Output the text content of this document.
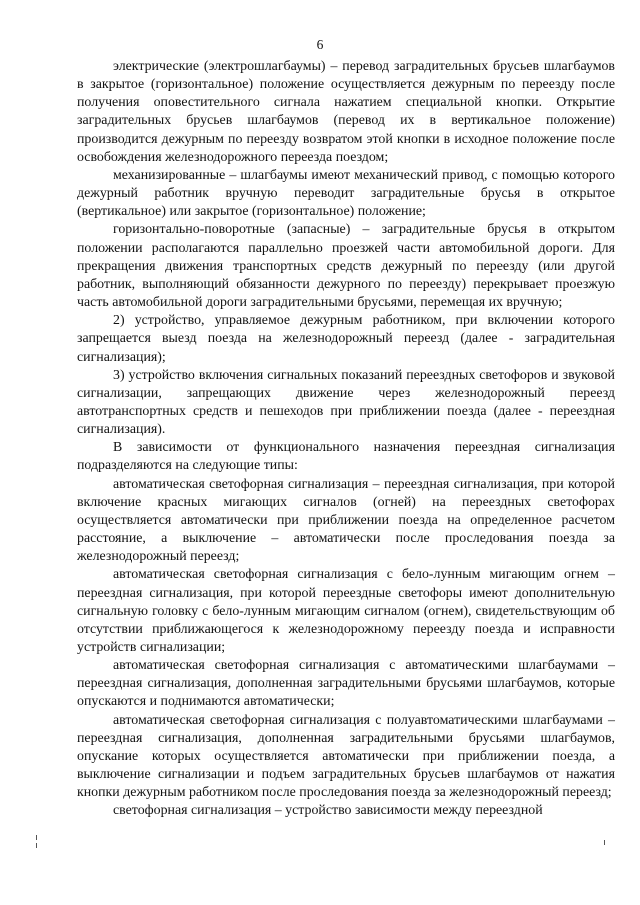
6

электрические (электрошлагбаумы) – перевод заградительных брусьев шлагбаумов в закрытое (горизонтальное) положение осуществляется дежурным по переезду после получения оповестительного сигнала нажатием специальной кнопки. Открытие заградительных брусьев шлагбаумов (перевод их в вертикальное положение) производится дежурным по переезду возвратом этой кнопки в исходное положение после освобождения железнодорожного переезда поездом;

механизированные – шлагбаумы имеют механический привод, с помощью которого дежурный работник вручную переводит заградительные брусья в открытое (вертикальное) или закрытое (горизонтальное) положение;

горизонтально-поворотные (запасные) – заградительные брусья в открытом положении располагаются параллельно проезжей части автомобильной дороги. Для прекращения движения транспортных средств дежурный по переезду (или другой работник, выполняющий обязанности дежурного по переезду) перекрывает проезжую часть автомобильной дороги заградительными брусьями, перемещая их вручную;

2) устройство, управляемое дежурным работником, при включении которого запрещается выезд поезда на железнодорожный переезд (далее - заградительная сигнализация);

3) устройство включения сигнальных показаний переездных светофоров и звуковой сигнализации, запрещающих движение через железнодорожный переезд автотранспортных средств и пешеходов при приближении поезда (далее - переездная сигнализация).

В зависимости от функционального назначения переездная сигнализация подразделяются на следующие типы:

автоматическая светофорная сигнализация – переездная сигнализация, при которой включение красных мигающих сигналов (огней) на переездных светофорах осуществляется автоматически при приближении поезда на определенное расчетом расстояние, а выключение – автоматически после проследования поезда за железнодорожный переезд;

автоматическая светофорная сигнализация с бело-лунным мигающим огнем – переездная сигнализация, при которой переездные светофоры имеют дополнительную сигнальную головку с бело-лунным мигающим сигналом (огнем), свидетельствующим об отсутствии приближающегося к железнодорожному переезду поезда и исправности устройств сигнализации;

автоматическая светофорная сигнализация с автоматическими шлагбаумами – переездная сигнализация, дополненная заградительными брусьями шлагбаумов, которые опускаются и поднимаются автоматически;

автоматическая светофорная сигнализация с полуавтоматическими шлагбаумами – переездная сигнализация, дополненная заградительными брусьями шлагбаумов, опускание которых осуществляется автоматически при приближении поезда, а выключение сигнализации и подъем заградительных брусьев шлагбаумов от нажатия кнопки дежурным работником после проследования поезда за железнодорожный переезд;

светофорная сигнализация – устройство зависимости между переездной
